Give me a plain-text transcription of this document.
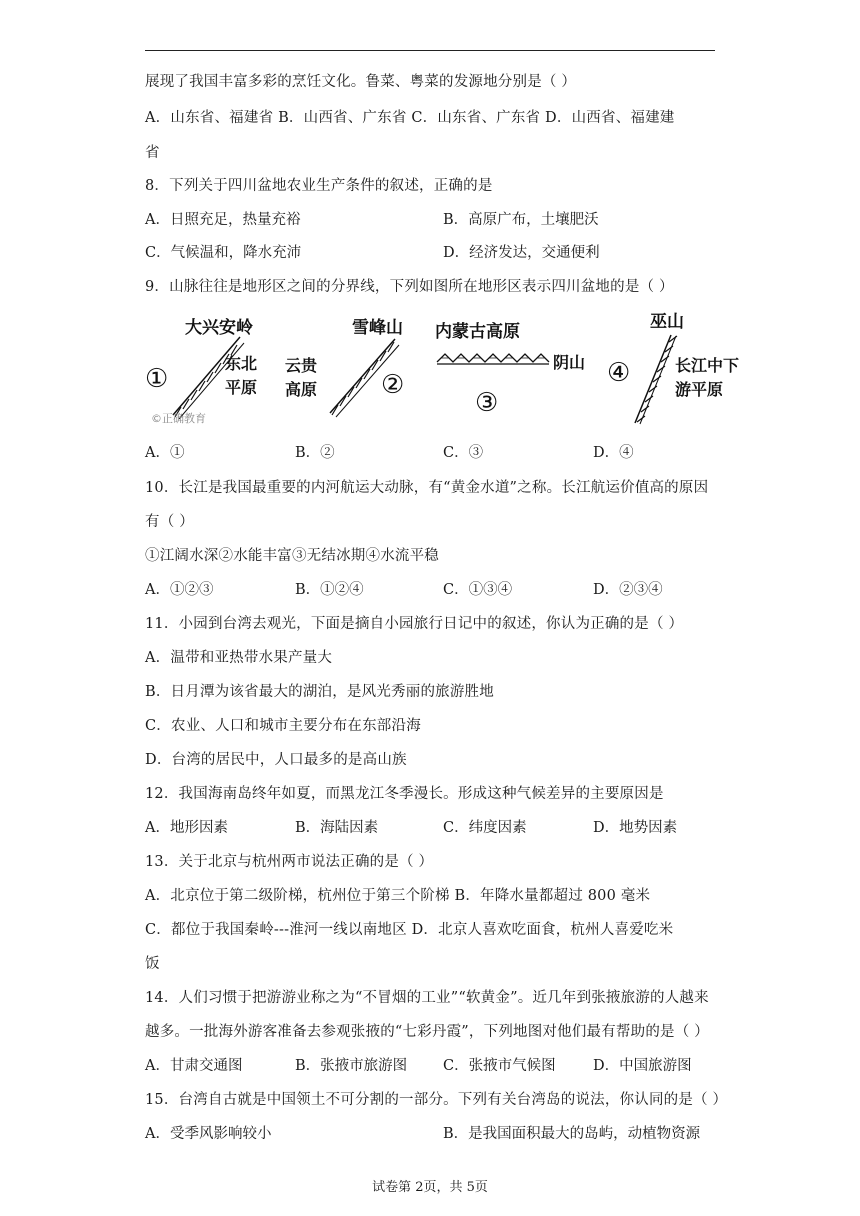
展现了我国丰富多彩的烹饪文化。鲁菜、粤菜的发源地分别是（ ）
A．山东省、福建省 B．山西省、广东省 C．山东省、广东省 D．山西省、福建建
省
8．下列关于四川盆地农业生产条件的叙述，正确的是
A．日照充足，热量充裕	B．高原广布，土壤肥沃
C．气候温和，降水充沛	D．经济发达，交通便利
9．山脉往往是地形区之间的分界线，下列如图所在地形区表示四川盆地的是（ ）
①
大兴安岭
东北
平原
©正确教育
雪峰山
云贵
高原 ②
内蒙古高原
阴山
③
巫山
④	长江中下
游平原
A．①	B．②	C．③	D．④
10．长江是我国最重要的内河航运大动脉，有“黄金水道”之称。长江航运价值高的原因
有（ ）
①江阔水深②水能丰富③无结冰期④水流平稳
A．①②③	B．①②④	C．①③④	D．②③④
11．小园到台湾去观光，下面是摘自小园旅行日记中的叙述，你认为正确的是（ ）
A．温带和亚热带水果产量大
B．日月潭为该省最大的湖泊，是风光秀丽的旅游胜地
C．农业、人口和城市主要分布在东部沿海
D．台湾的居民中，人口最多的是高山族
12．我国海南岛终年如夏，而黑龙江冬季漫长。形成这种气候差异的主要原因是
A．地形因素	B．海陆因素	C．纬度因素	D．地势因素
13．关于北京与杭州两市说法正确的是（ ）
A．北京位于第二级阶梯，杭州位于第三个阶梯 B．年降水量都超过 800 毫米
C．都位于我国秦岭---淮河一线以南地区 D．北京人喜欢吃面食，杭州人喜爱吃米
饭
14．人们习惯于把游游业称之为“不冒烟的工业”“软黄金”。近几年到张掖旅游的人越来
越多。一批海外游客准备去参观张掖的“七彩丹霞”，下列地图对他们最有帮助的是（ ）
A．甘肃交通图	B．张掖市旅游图 C．张掖市气候图	D．中国旅游图
15．台湾自古就是中国领土不可分割的一部分。下列有关台湾岛的说法，你认同的是（ ）
A．受季风影响较小	B．是我国面积最大的岛屿，动植物资源
试卷第 2页，共 5页
